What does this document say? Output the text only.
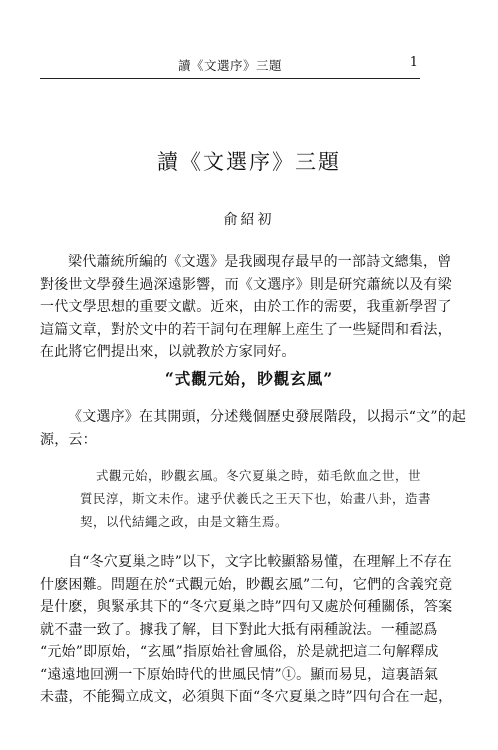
讀《文選序》三題	1
讀《文選序》三題
俞紹初

梁代蕭統所編的《文選》是我國現存最早的一部詩文總集，曾
對後世文學發生過深遠影響，而《文選序》則是研究蕭統以及有梁
一代文學思想的重要文獻。近來，由於工作的需要，我重新學習了
這篇文章，對於文中的若干詞句在理解上産生了一些疑問和看法，
在此將它們提出來，以就教於方家同好。

“式觀元始，眇觀玄風”

《文選序》在其開頭，分述幾個歷史發展階段，以揭示“文”的起
源，云：

式觀元始，眇觀玄風。冬穴夏巢之時，茹毛飲血之世，世
質民淳，斯文未作。逮乎伏羲氏之王天下也，始畫八卦，造書
契，以代結繩之政，由是文籍生焉。

自“冬穴夏巢之時”以下，文字比較顯豁易懂，在理解上不存在
什麽困難。問題在於“式觀元始，眇觀玄風”二句，它們的含義究竟
是什麽，與緊承其下的“冬穴夏巢之時”四句又處於何種關係，答案
就不盡一致了。據我了解，目下對此大抵有兩種說法。一種認爲
“元始”即原始，“玄風”指原始社會風俗，於是就把這二句解釋成
“遠遠地回溯一下原始時代的世風民情”①。顯而易見，這裏語氣
未盡，不能獨立成文，必須與下面“冬穴夏巢之時”四句合在一起，
